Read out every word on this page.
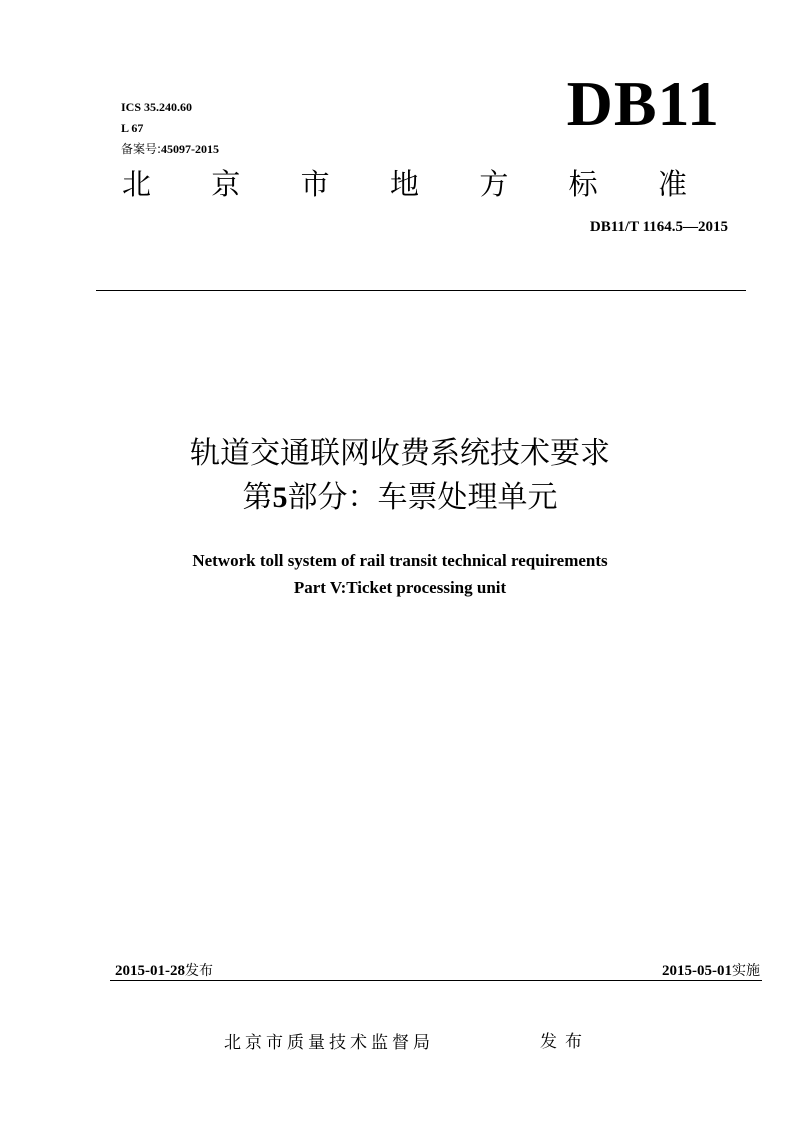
ICS 35.240.60
L 67
备案号:45097-2015
DB11
北 京 市 地 方 标 准
DB11/T 1164.5—2015
轨道交通联网收费系统技术要求
第5部分：车票处理单元
Network toll system of rail transit technical requirements
Part V:Ticket processing unit
2015-01-28发布	2015-05-01实施
北京市质量技术监督局	发布
